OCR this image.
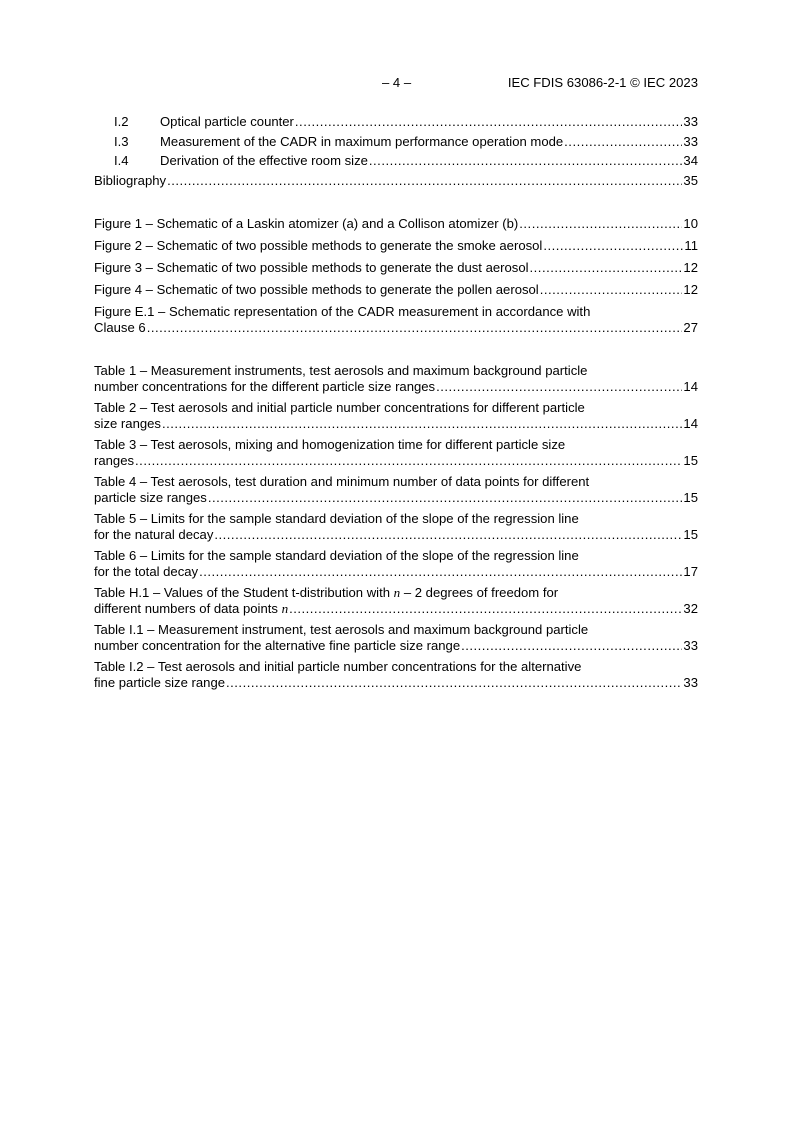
– 4 –	IEC FDIS 63086-2-1 © IEC 2023
I.2	Optical particle counter .....	33
I.3	Measurement of the CADR in maximum performance operation mode .....	33
I.4	Derivation of the effective room size .....	34
Bibliography .....	35
Figure 1 – Schematic of a Laskin atomizer (a) and a Collison atomizer (b) .....	10
Figure 2 – Schematic of two possible methods to generate the smoke aerosol .....	11
Figure 3 – Schematic of two possible methods to generate the dust aerosol .....	12
Figure 4 – Schematic of two possible methods to generate the pollen aerosol .....	12
Figure E.1 – Schematic representation of the CADR measurement in accordance with
Clause 6 .....	27
Table 1 – Measurement instruments, test aerosols and maximum background particle
number concentrations for the different particle size ranges .....	14
Table 2 – Test aerosols and initial particle number concentrations for different particle
size ranges .....	14
Table 3 – Test aerosols, mixing and homogenization time for different particle size
ranges .....	15
Table 4 – Test aerosols, test duration and minimum number of data points for different
particle size ranges .....	15
Table 5 – Limits for the sample standard deviation of the slope of the regression line
for the natural decay .....	15
Table 6 – Limits for the sample standard deviation of the slope of the regression line
for the total decay .....	17
Table H.1 – Values of the Student t-distribution with n – 2 degrees of freedom for
different numbers of data points n .....	32
Table I.1 – Measurement instrument, test aerosols and maximum background particle
number concentration for the alternative fine particle size range .....	33
Table I.2 – Test aerosols and initial particle number concentrations for the alternative
fine particle size range .....	33
